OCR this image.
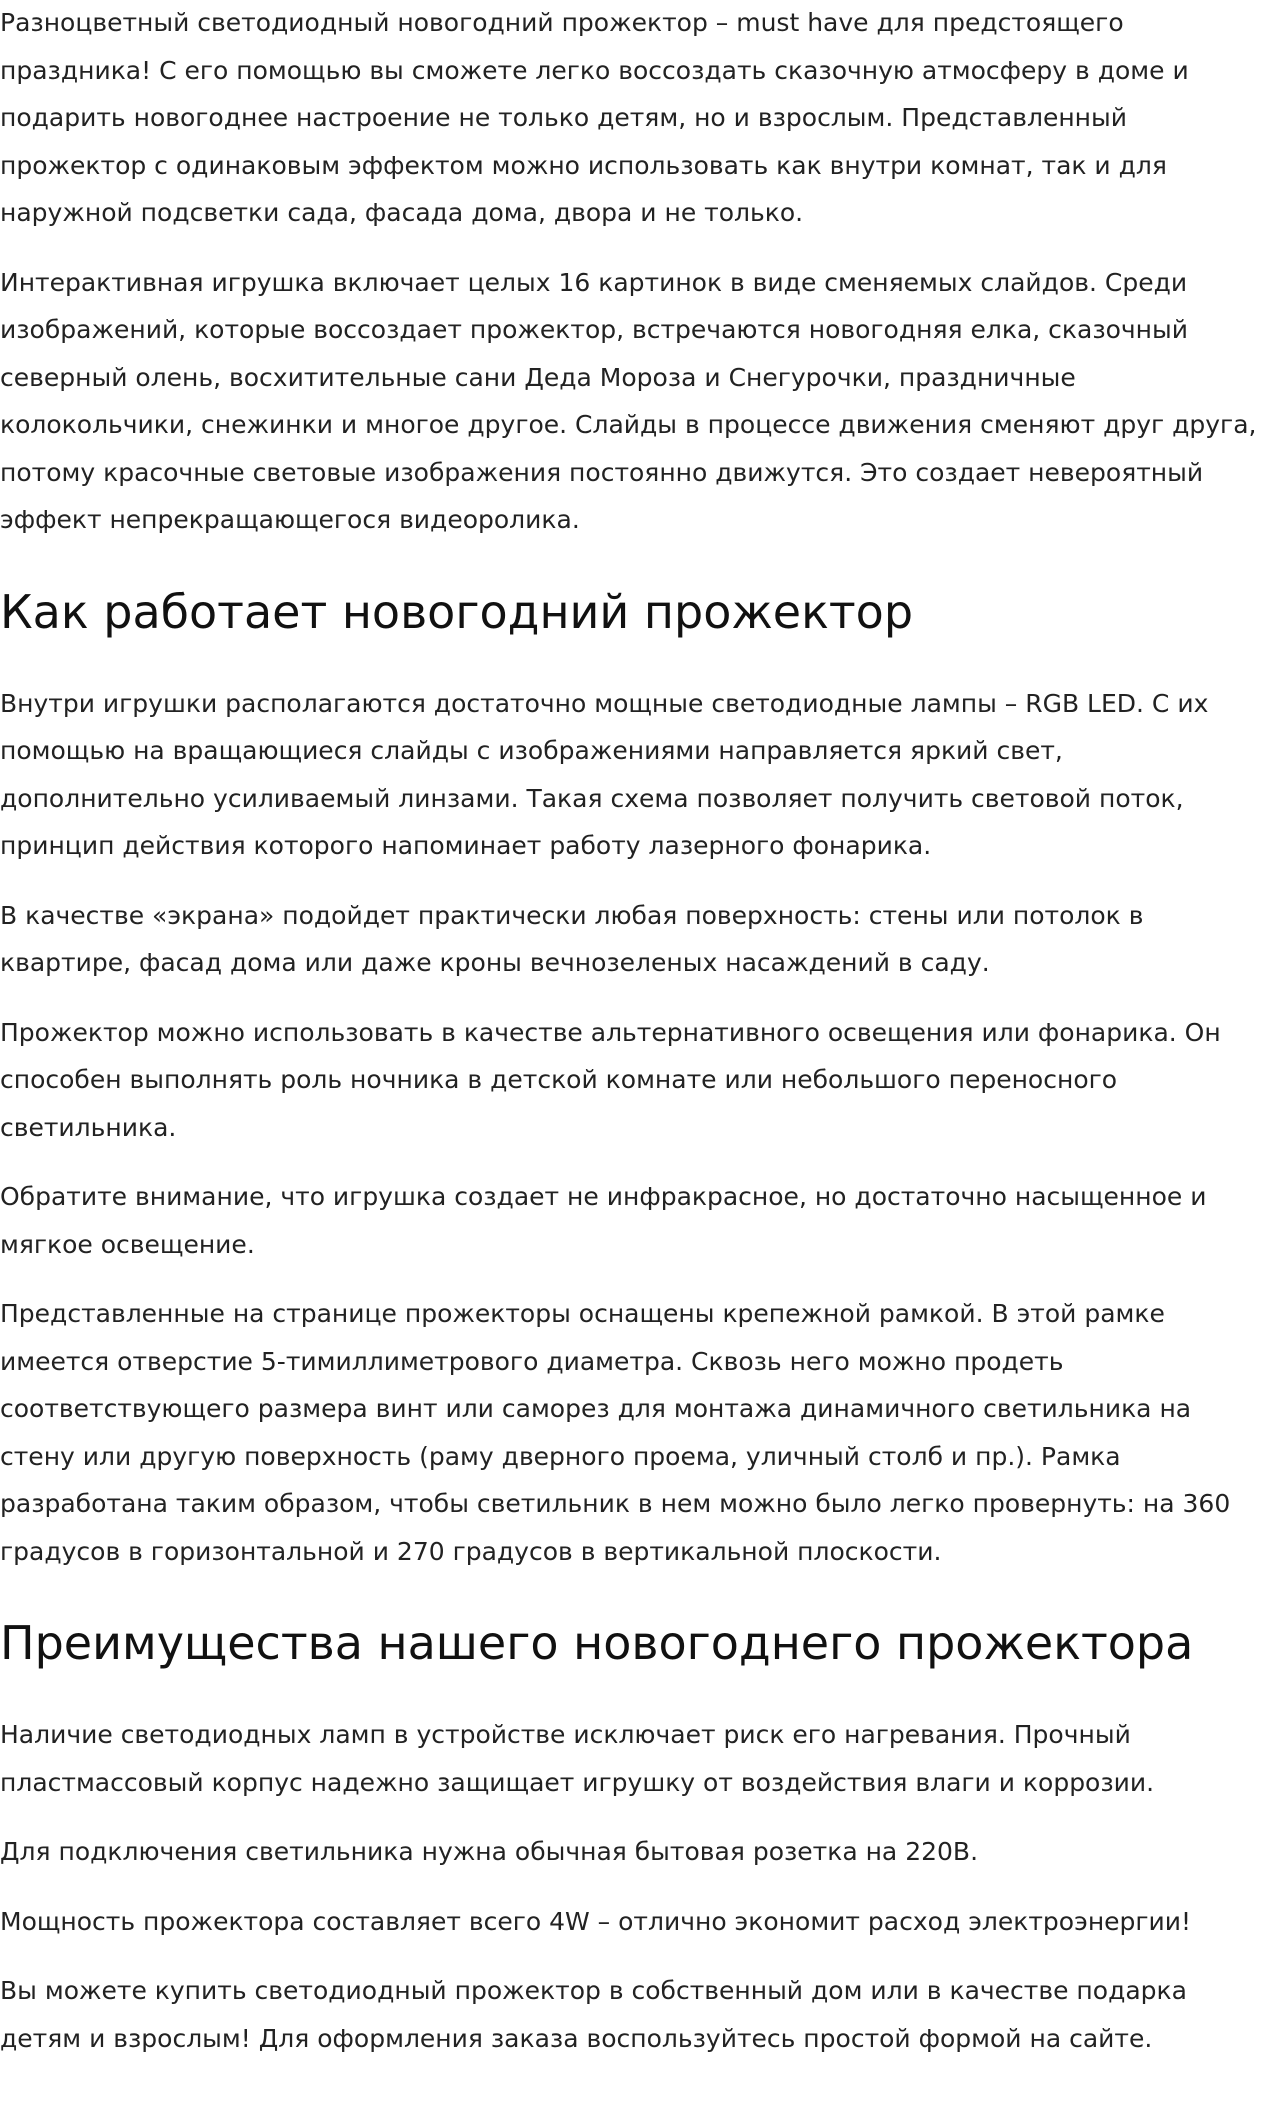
Разноцветный светодиодный новогодний прожектор – must have для предстоящего праздника! С его помощью вы сможете легко воссоздать сказочную атмосферу в доме и подарить новогоднее настроение не только детям, но и взрослым. Представленный прожектор с одинаковым эффектом можно использовать как внутри комнат, так и для наружной подсветки сада, фасада дома, двора и не только.

Интерактивная игрушка включает целых 16 картинок в виде сменяемых слайдов. Среди изображений, которые воссоздает прожектор, встречаются новогодняя елка, сказочный северный олень, восхитительные сани Деда Мороза и Снегурочки, праздничные колокольчики, снежинки и многое другое. Слайды в процессе движения сменяют друг друга, потому красочные световые изображения постоянно движутся. Это создает невероятный эффект непрекращающегося видеоролика.

Как работает новогодний прожектор

Внутри игрушки располагаются достаточно мощные светодиодные лампы – RGB LED. С их помощью на вращающиеся слайды с изображениями направляется яркий свет, дополнительно усиливаемый линзами. Такая схема позволяет получить световой поток, принцип действия которого напоминает работу лазерного фонарика.

В качестве «экрана» подойдет практически любая поверхность: стены или потолок в квартире, фасад дома или даже кроны вечнозеленых насаждений в саду.

Прожектор можно использовать в качестве альтернативного освещения или фонарика. Он способен выполнять роль ночника в детской комнате или небольшого переносного светильника.

Обратите внимание, что игрушка создает не инфракрасное, но достаточно насыщенное и мягкое освещение.

Представленные на странице прожекторы оснащены крепежной рамкой. В этой рамке имеется отверстие 5-тимиллиметрового диаметра. Сквозь него можно продеть соответствующего размера винт или саморез для монтажа динамичного светильника на стену или другую поверхность (раму дверного проема, уличный столб и пр.). Рамка разработана таким образом, чтобы светильник в нем можно было легко провернуть: на 360 градусов в горизонтальной и 270 градусов в вертикальной плоскости.

Преимущества нашего новогоднего прожектора

Наличие светодиодных ламп в устройстве исключает риск его нагревания. Прочный пластмассовый корпус надежно защищает игрушку от воздействия влаги и коррозии.

Для подключения светильника нужна обычная бытовая розетка на 220В.

Мощность прожектора составляет всего 4W – отлично экономит расход электроэнергии!

Вы можете купить светодиодный прожектор в собственный дом или в качестве подарка детям и взрослым! Для оформления заказа воспользуйтесь простой формой на сайте.
